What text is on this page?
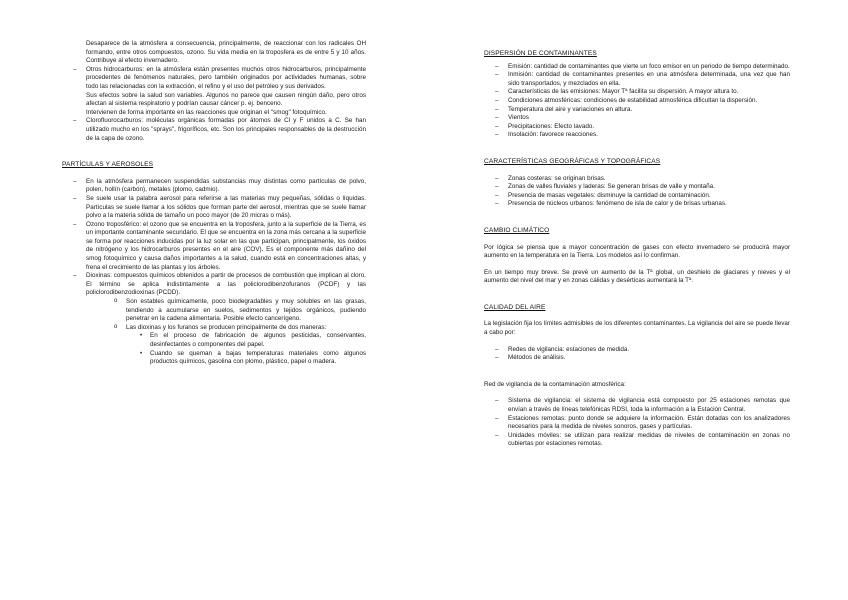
Desaparece de la atmósfera a consecuencia, principalmente, de reaccionar con los radicales OH formando, entre otros compuestos, ozono. Su vida media en la troposfera es de entre 5 y 10 años. Contribuye al efecto invernadero.

– Otros hidrocarburos: en la atmósfera están presentes muchos otros hidrocarburos, principalmente procedentes de fenómenos naturales, pero también originados por actividades humanas, sobre todo las relacionadas con la extracción, el refino y el uso del petróleo y sus derivados.
Sus efectos sobre la salud son variables. Algunos no parece que causen ningún daño, pero otros afectan al sistema respiratorio y podrían causar cáncer p. ej. benceno.
Intervienen de forma importante en las reacciones que originan el "smog" fotoquímico.
– Clorofluorocarburos: moléculas orgánicas formadas por átomos de Cl y F unidos a C. Se han utilizado mucho en los "sprays", frigoríficos, etc. Son los principales responsables de la destrucción de la capa de ozono.

PARTÍCULAS Y AEROSOLES

– En la atmósfera permanecen suspendidas substancias muy distintas como partículas de polvo, polen, hollín (carbón), metales (plomo, cadmio).
– Se suele usar la palabra aerosol para referirse a las materias muy pequeñas, sólidas o líquidas. Partículas se suele llamar a los sólidos que forman parte del aerosol, mientras que se suele llamar polvo a la materia sólida de tamaño un poco mayor (de 20 micras o más).
– Ozono troposférico: el ozono que se encuentra en la troposfera, junto a la superficie de la Tierra, es un importante contaminante secundario. El que se encuentra en la zona más cercana a la superficie se forma por reacciones inducidas por la luz solar en las que participan, principalmente, los óxidos de nitrógeno y los hidrocarburos presentes en el aire (COV). Es el componente más dañino del smog fotoquímico y causa daños importantes a la salud, cuando está en concentraciones altas, y frena el crecimiento de las plantas y los árboles.
– Dioxinas: compuestos químicos obtenidos a partir de procesos de combustión que implican al cloro. El término se aplica indistintamente a las policlorodibenzofuranos (PCDF) y las policlorodibenzodioxinas (PCDD).
o Son estables químicamente, poco biodegradables y muy solubles en las grasas, tendiendo a acumularse en suelos, sedimentos y tejidos orgánicos, pudiendo penetrar en la cadena alimentaria. Posible efecto cancerígeno.
o Las dioxinas y los furanos se producen principalmente de dos maneras:
• En el proceso de fabricación de algunos pesticidas, conservantes, desinfectantes o componentes del papel.
• Cuando se queman a bajas temperaturas materiales como algunos productos químicos, gasolina con plomo, plástico, papel o madera.

DISPERSIÓN DE CONTAMINANTES

– Emisión: cantidad de contaminantes que vierte un foco emisor en un periodo de tiempo determinado.
– Inmisión: cantidad de contaminantes presentes en una atmósfera determinada, una vez que han sido transportados, y mezclados en ella.
– Características de las emisiones: Mayor Tª facilita su dispersión. A mayor altura to.
– Condiciones atmosféricas: condiciones de estabilidad atmosférica dificultan la dispersión.
– Temperatura del aire y variaciones en altura.
– Vientos
– Precipitaciones: Efecto lavado.
– Insolación: favorece reacciones.

CARACTERÍSTICAS GEOGRÁFICAS Y TOPOGRÁFICAS

– Zonas costeras: se originan brisas.
– Zonas de valles fluviales y laderas: Se generan brisas de valle y montaña.
– Presencia de masas vegetales: disminuye la cantidad de contaminación.
– Presencia de núcleos urbanos: fenómeno de isla de calor y de brisas urbanas.

CAMBIO CLIMÁTICO

Por lógica se piensa que a mayor concentración de gases con efecto invernadero se producirá mayor aumento en la temperatura en la Tierra. Los modelos así lo confirman.

En un tiempo muy breve. Se prevé un aumento de la Tª global, un deshielo de glaciares y nieves y el aumento del nivel del mar y en zonas cálidas y desérticas aumentará la Tª.

CALIDAD DEL AIRE

La legislación fija los límites admisibles de los diferentes contaminantes. La vigilancia del aire se puede llevar a cabo por:

– Redes de vigilancia: estaciones de medida.
– Métodos de análisis.

Red de vigilancia de la contaminación atmosférica:

– Sistema de vigilancia: el sistema de vigilancia está compuesto por 25 estaciones remotas que envían a través de líneas telefónicas RDSI, toda la información a la Estación Central.
– Estaciones remotas: punto donde se adquiere la información. Están dotadas con los analizadores necesarios para la medida de niveles sonoros, gases y partículas.
– Unidades móviles: se utilizan para realizar medidas de niveles de contaminación en zonas no cubiertas por estaciones remotas.
